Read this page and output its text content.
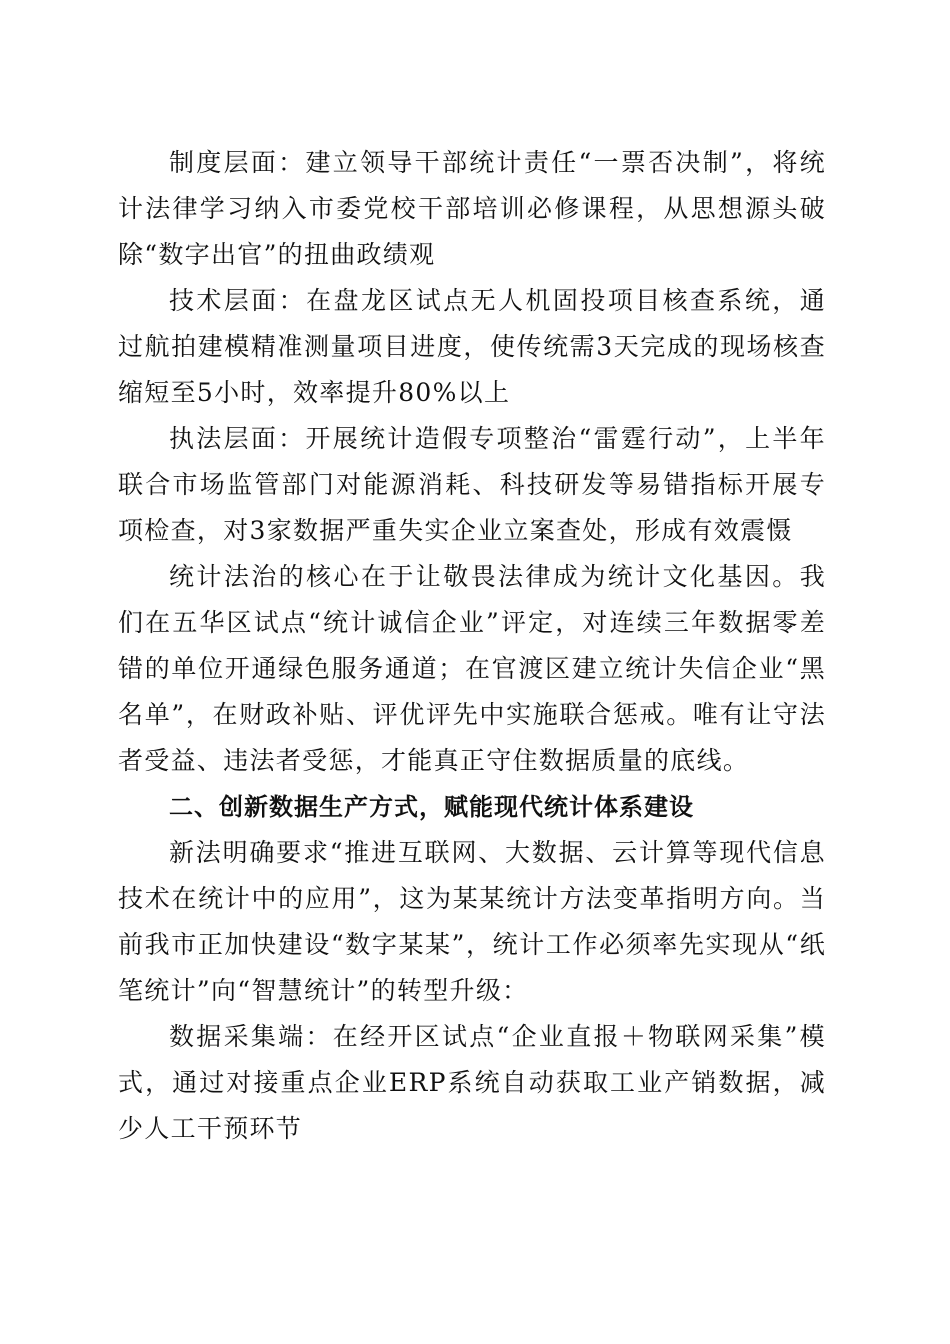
制度层面：建立领导干部统计责任“一票否决制”，将统计法律学习纳入市委党校干部培训必修课程，从思想源头破除“数字出官”的扭曲政绩观

技术层面：在盘龙区试点无人机固投项目核查系统，通过航拍建模精准测量项目进度，使传统需3天完成的现场核查缩短至5小时，效率提升80%以上

执法层面：开展统计造假专项整治“雷霆行动”，上半年联合市场监管部门对能源消耗、科技研发等易错指标开展专项检查，对3家数据严重失实企业立案查处，形成有效震慑

统计法治的核心在于让敬畏法律成为统计文化基因。我们在五华区试点“统计诚信企业”评定，对连续三年数据零差错的单位开通绿色服务通道；在官渡区建立统计失信企业“黑名单”，在财政补贴、评优评先中实施联合惩戒。唯有让守法者受益、违法者受惩，才能真正守住数据质量的底线。

二、创新数据生产方式，赋能现代统计体系建设

新法明确要求“推进互联网、大数据、云计算等现代信息技术在统计中的应用”，这为某某统计方法变革指明方向。当前我市正加快建设“数字某某”，统计工作必须率先实现从“纸笔统计”向“智慧统计”的转型升级：

数据采集端：在经开区试点“企业直报＋物联网采集”模式，通过对接重点企业ERP系统自动获取工业产销数据，减少人工干预环节
